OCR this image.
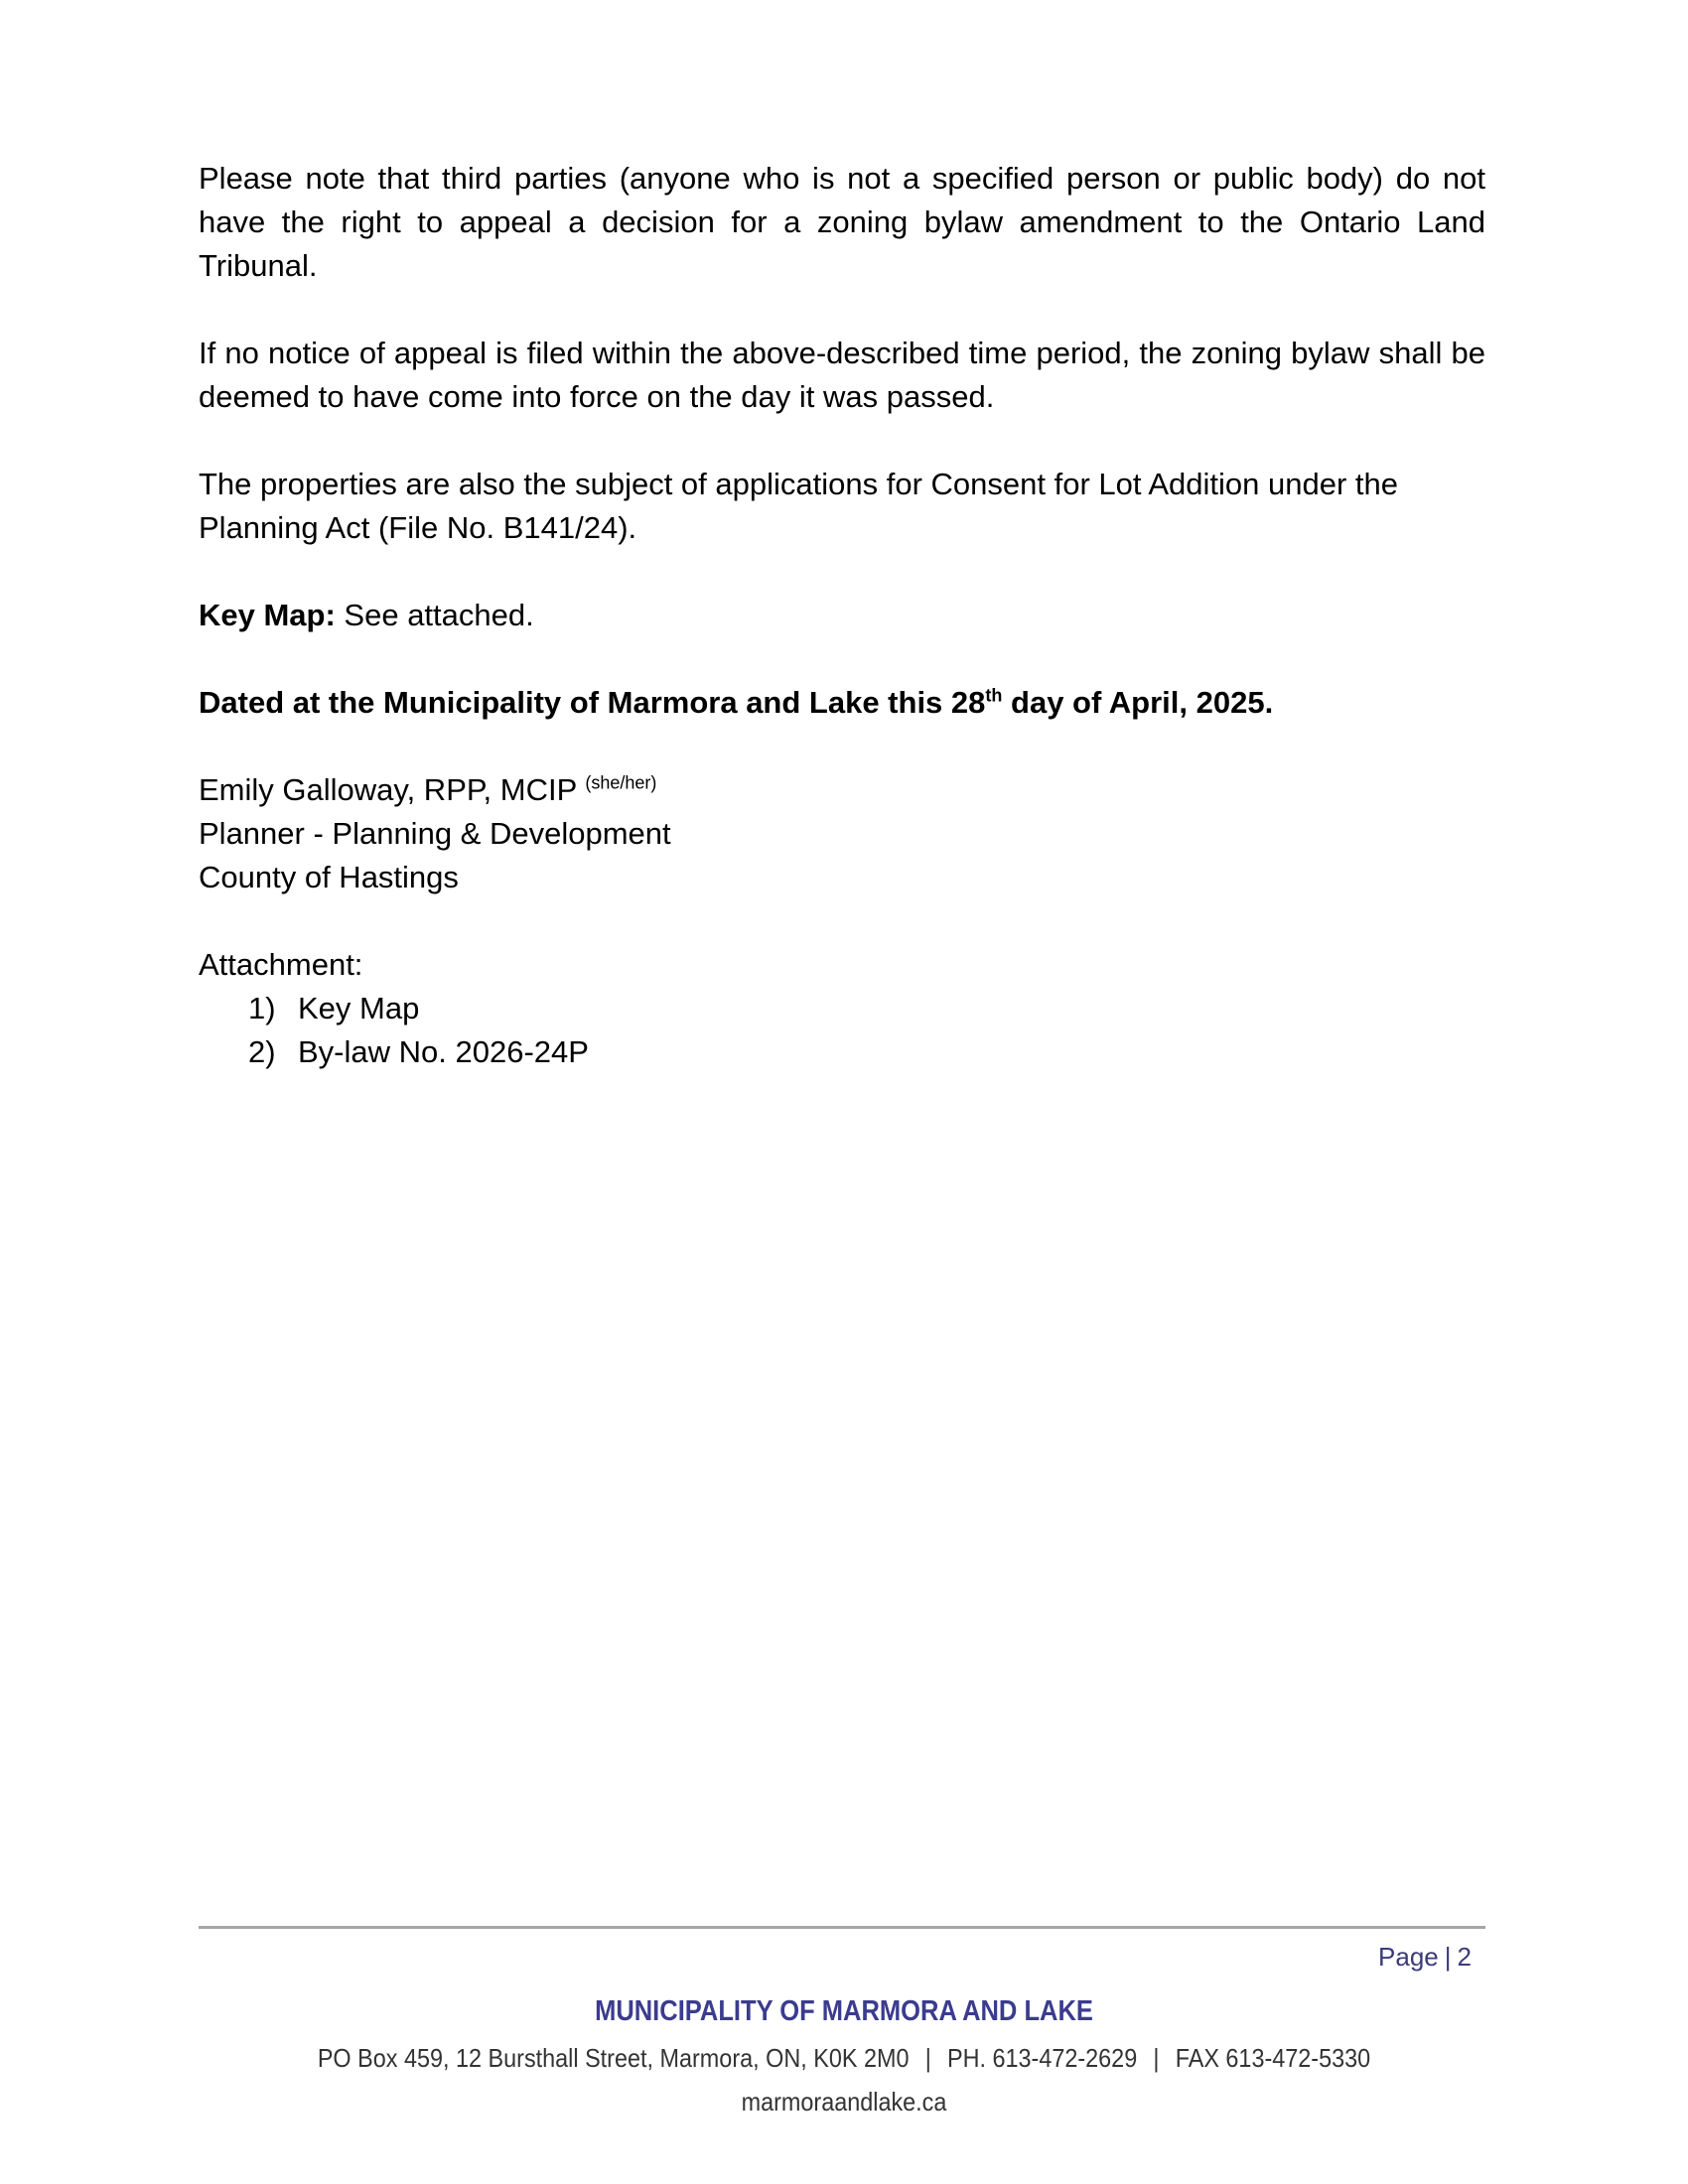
Please note that third parties (anyone who is not a specified person or public body) do not have the right to appeal a decision for a zoning bylaw amendment to the Ontario Land Tribunal.

If no notice of appeal is filed within the above-described time period, the zoning bylaw shall be deemed to have come into force on the day it was passed.

The properties are also the subject of applications for Consent for Lot Addition under the Planning Act (File No. B141/24).

Key Map: See attached.

Dated at the Municipality of Marmora and Lake this 28th day of April, 2025.

Emily Galloway, RPP, MCIP $^{(she/her)}$
Planner - Planning & Development
County of Hastings

Attachment:

1) Key Map
2) By-law No. 2026-24P
Page | 2
MUNICIPALITY OF MARMORA AND LAKE
PO Box 459, 12 Bursthall Street, Marmora, ON, K0K 2M0 | PH. 613-472-2629 | FAX 613-472-5330
marmoraandlake.ca
